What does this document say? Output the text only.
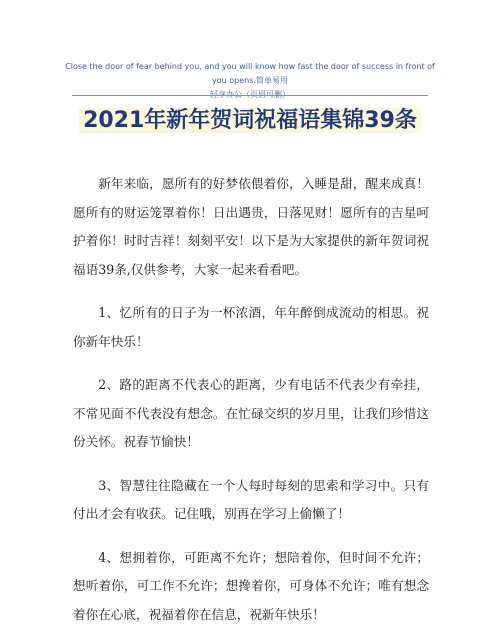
Close the door of fear behind you, and you will know how fast the door of success in front of you opens.简单易用
轻享办公（页眉可删）
2021年新年贺词祝福语集锦39条

新年来临，愿所有的好梦依偎着你，入睡是甜，醒来成真！愿所有的财运笼罩着你！日出遇贵，日落见财！愿所有的吉星呵护着你！时时吉祥！刻刻平安！以下是为大家提供的新年贺词祝福语39条,仅供参考，大家一起来看看吧。

1、忆所有的日子为一杯浓酒，年年醉倒成流动的相思。祝你新年快乐！

2、路的距离不代表心的距离，少有电话不代表少有牵挂，不常见面不代表没有想念。在忙碌交织的岁月里，让我们珍惜这份关怀。祝春节愉快！

3、智慧往往隐藏在一个人每时每刻的思索和学习中。只有付出才会有收获。记住哦，别再在学习上偷懒了！

4、想拥着你，可距离不允许；想陪着你，但时间不允许；想听着你，可工作不允许；想搀着你，可身体不允许；唯有想念着你在心底，祝福着你在信息，祝新年快乐！
